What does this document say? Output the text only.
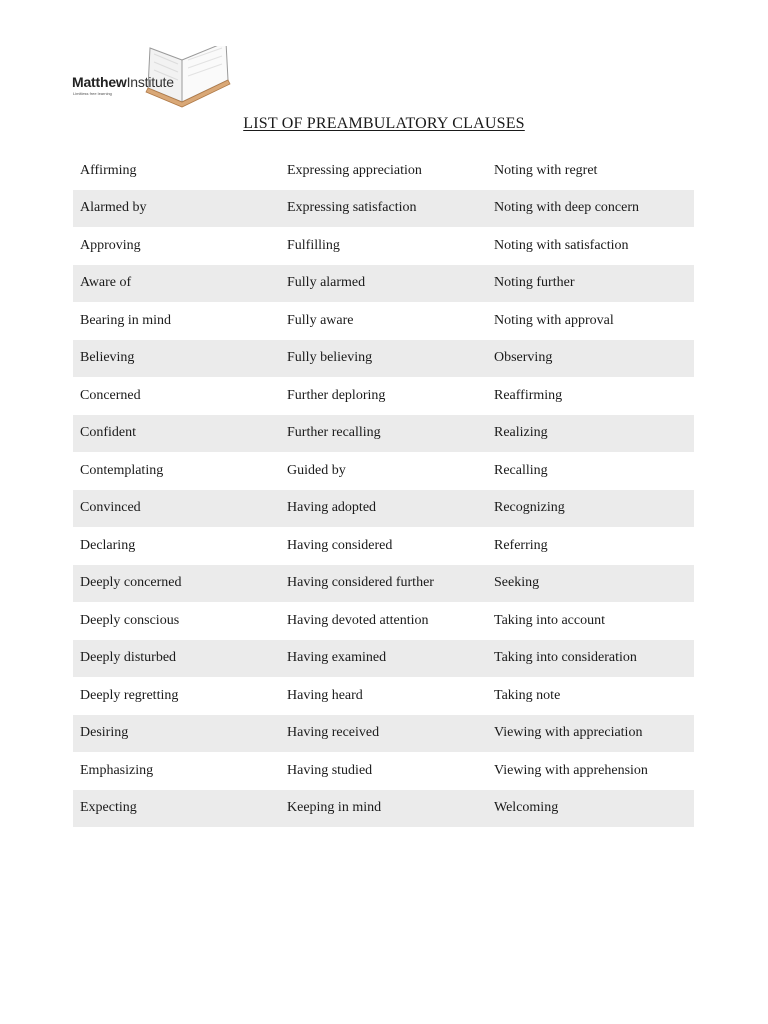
MatthewInstitute
Limitless free learning
LIST OF PREAMBULATORY CLAUSES
Affirming	Expressing appreciation	Noting with regret
Alarmed by	Expressing satisfaction	Noting with deep concern
Approving	Fulfilling	Noting with satisfaction
Aware of	Fully alarmed	Noting further
Bearing in mind	Fully aware	Noting with approval
Believing	Fully believing	Observing
Concerned	Further deploring	Reaffirming
Confident	Further recalling	Realizing
Contemplating	Guided by	Recalling
Convinced	Having adopted	Recognizing
Declaring	Having considered	Referring
Deeply concerned	Having considered further	Seeking
Deeply conscious	Having devoted attention	Taking into account
Deeply disturbed	Having examined	Taking into consideration
Deeply regretting	Having heard	Taking note
Desiring	Having received	Viewing with appreciation
Emphasizing	Having studied	Viewing with apprehension
Expecting	Keeping in mind	Welcoming
